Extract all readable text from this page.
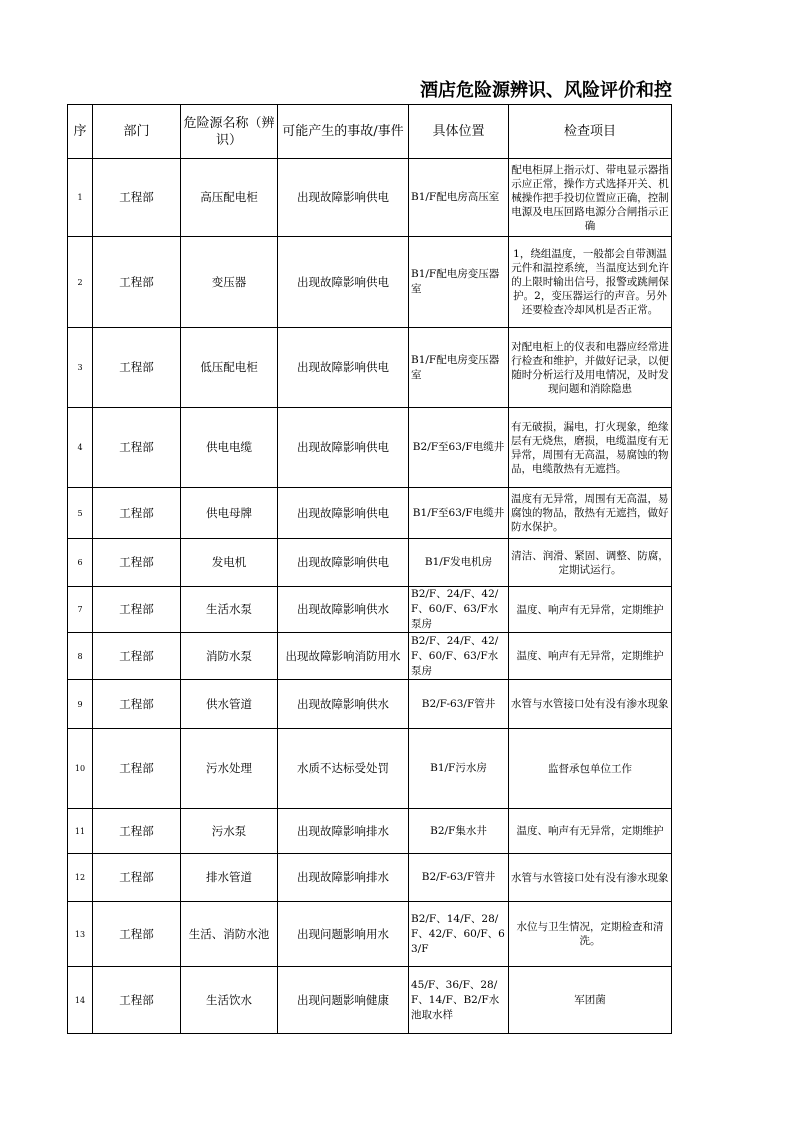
酒店危险源辨识、风险评价和控
序	部门	危险源名称（辨识）	可能产生的事故/事件	具体位置	检查项目
1	工程部	高压配电柜	出现故障影响供电	B1/F配电房高压室	配电柜屏上指示灯、带电显示器指示应正常，操作方式选择开关、机械操作把手投切位置应正确，控制电源及电压回路电源分合闸指示正确
2	工程部	变压器	出现故障影响供电	B1/F配电房变压器室	1，绕组温度，一般都会自带测温元件和温控系统，当温度达到允许的上限时输出信号，报警或跳闸保护。2，变压器运行的声音。另外还要检查冷却风机是否正常。
3	工程部	低压配电柜	出现故障影响供电	B1/F配电房变压器室	对配电柜上的仪表和电器应经常进行检查和维护，并做好记录，以便随时分析运行及用电情况，及时发现问题和消除隐患
4	工程部	供电电缆	出现故障影响供电	B2/F至63/F电缆井	有无破损，漏电，打火现象，绝缘层有无烧焦，磨损，电缆温度有无异常，周围有无高温，易腐蚀的物品，电缆散热有无遮挡。
5	工程部	供电母牌	出现故障影响供电	B1/F至63/F电缆井	温度有无异常，周围有无高温，易腐蚀的物品，散热有无遮挡，做好防水保护。
6	工程部	发电机	出现故障影响供电	B1/F发电机房	清洁、润滑、紧固、调整、防腐，定期试运行。
7	工程部	生活水泵	出现故障影响供水	B2/F、24/F、42/F、60/F、63/F水泵房	温度、响声有无异常，定期维护
8	工程部	消防水泵	出现故障影响消防用水	B2/F、24/F、42/F、60/F、63/F水泵房	温度、响声有无异常，定期维护
9	工程部	供水管道	出现故障影响供水	B2/F-63/F管井	水管与水管接口处有没有渗水现象
10	工程部	污水处理	水质不达标受处罚	B1/F污水房	监督承包单位工作
11	工程部	污水泵	出现故障影响排水	B2/F集水井	温度、响声有无异常，定期维护
12	工程部	排水管道	出现故障影响排水	B2/F-63/F管井	水管与水管接口处有没有渗水现象
13	工程部	生活、消防水池	出现问题影响用水	B2/F、14/F、28/F、42/F、60/F、63/F	水位与卫生情况，定期检查和清洗。
14	工程部	生活饮水	出现问题影响健康	45/F、36/F、28/F、14/F、B2/F水池取水样	军团菌
